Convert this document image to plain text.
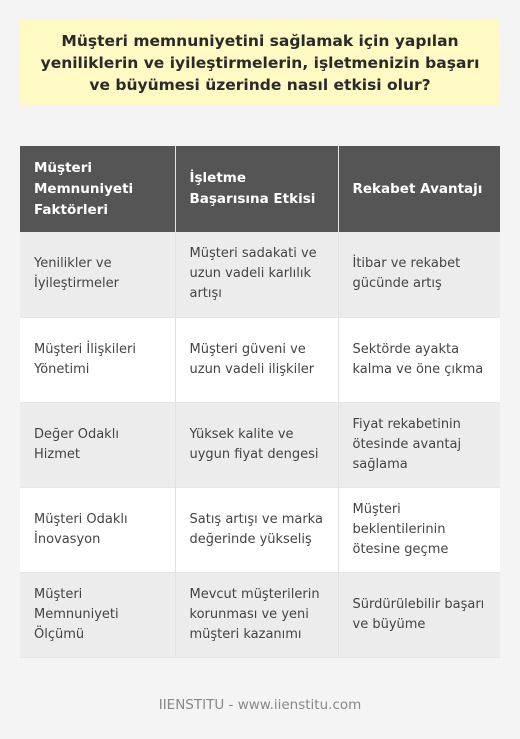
Müşteri memnuniyetini sağlamak için yapılan yeniliklerin ve iyileştirmelerin, işletmenizin başarı ve büyümesi üzerinde nasıl etkisi olur?
Müşteri Memnuniyeti Faktörleri	İşletme Başarısına Etkisi	Rekabet Avantajı
Yenilikler ve İyileştirmeler	Müşteri sadakati ve uzun vadeli karlılık artışı	İtibar ve rekabet gücünde artış
Müşteri İlişkileri Yönetimi	Müşteri güveni ve uzun vadeli ilişkiler	Sektörde ayakta kalma ve öne çıkma
Değer Odaklı Hizmet	Yüksek kalite ve uygun fiyat dengesi	Fiyat rekabetinin ötesinde avantaj sağlama
Müşteri Odaklı İnovasyon	Satış artışı ve marka değerinde yükseliş	Müşteri beklentilerinin ötesine geçme
Müşteri Memnuniyeti Ölçümü	Mevcut müşterilerin korunması ve yeni müşteri kazanımı	Sürdürülebilir başarı ve büyüme
IIENSTITU - www.iienstitu.com
